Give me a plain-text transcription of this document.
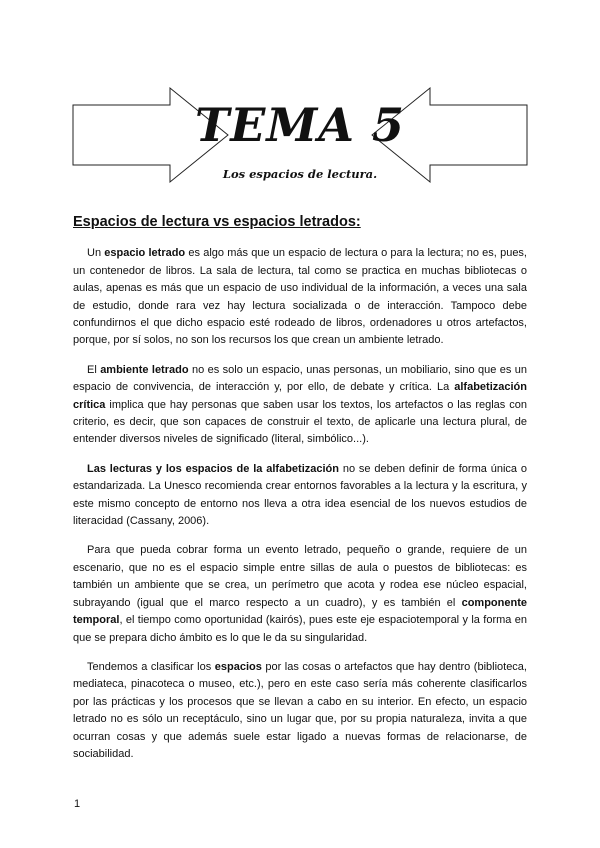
TEMA 5
Los espacios de lectura.
Espacios de lectura vs espacios letrados:

Un espacio letrado es algo más que un espacio de lectura o para la lectura; no es, pues, un contenedor de libros. La sala de lectura, tal como se practica en muchas bibliotecas o aulas, apenas es más que un espacio de uso individual de la información, a veces una sala de estudio, donde rara vez hay lectura socializada o de interacción. Tampoco debe confundirnos el que dicho espacio esté rodeado de libros, ordenadores u otros artefactos, porque, por sí solos, no son los recursos los que crean un ambiente letrado.

El ambiente letrado no es solo un espacio, unas personas, un mobiliario, sino que es un espacio de convivencia, de interacción y, por ello, de debate y crítica. La alfabetización crítica implica que hay personas que saben usar los textos, los artefactos o las reglas con criterio, es decir, que son capaces de construir el texto, de aplicarle una lectura plural, de entender diversos niveles de significado (literal, simbólico...).

Las lecturas y los espacios de la alfabetización no se deben definir de forma única o estandarizada. La Unesco recomienda crear entornos favorables a la lectura y la escritura, y este mismo concepto de entorno nos lleva a otra idea esencial de los nuevos estudios de literacidad (Cassany, 2006).

Para que pueda cobrar forma un evento letrado, pequeño o grande, requiere de un escenario, que no es el espacio simple entre sillas de aula o puestos de bibliotecas: es también un ambiente que se crea, un perímetro que acota y rodea ese núcleo espacial, subrayando (igual que el marco respecto a un cuadro), y es también el componente temporal, el tiempo como oportunidad (kairós), pues este eje espaciotemporal y la forma en que se prepara dicho ámbito es lo que le da su singularidad.

Tendemos a clasificar los espacios por las cosas o artefactos que hay dentro (biblioteca, mediateca, pinacoteca o museo, etc.), pero en este caso sería más coherente clasificarlos por las prácticas y los procesos que se llevan a cabo en su interior. En efecto, un espacio letrado no es sólo un receptáculo, sino un lugar que, por su propia naturaleza, invita a que ocurran cosas y que además suele estar ligado a nuevas formas de relacionarse, de sociabilidad.

1
